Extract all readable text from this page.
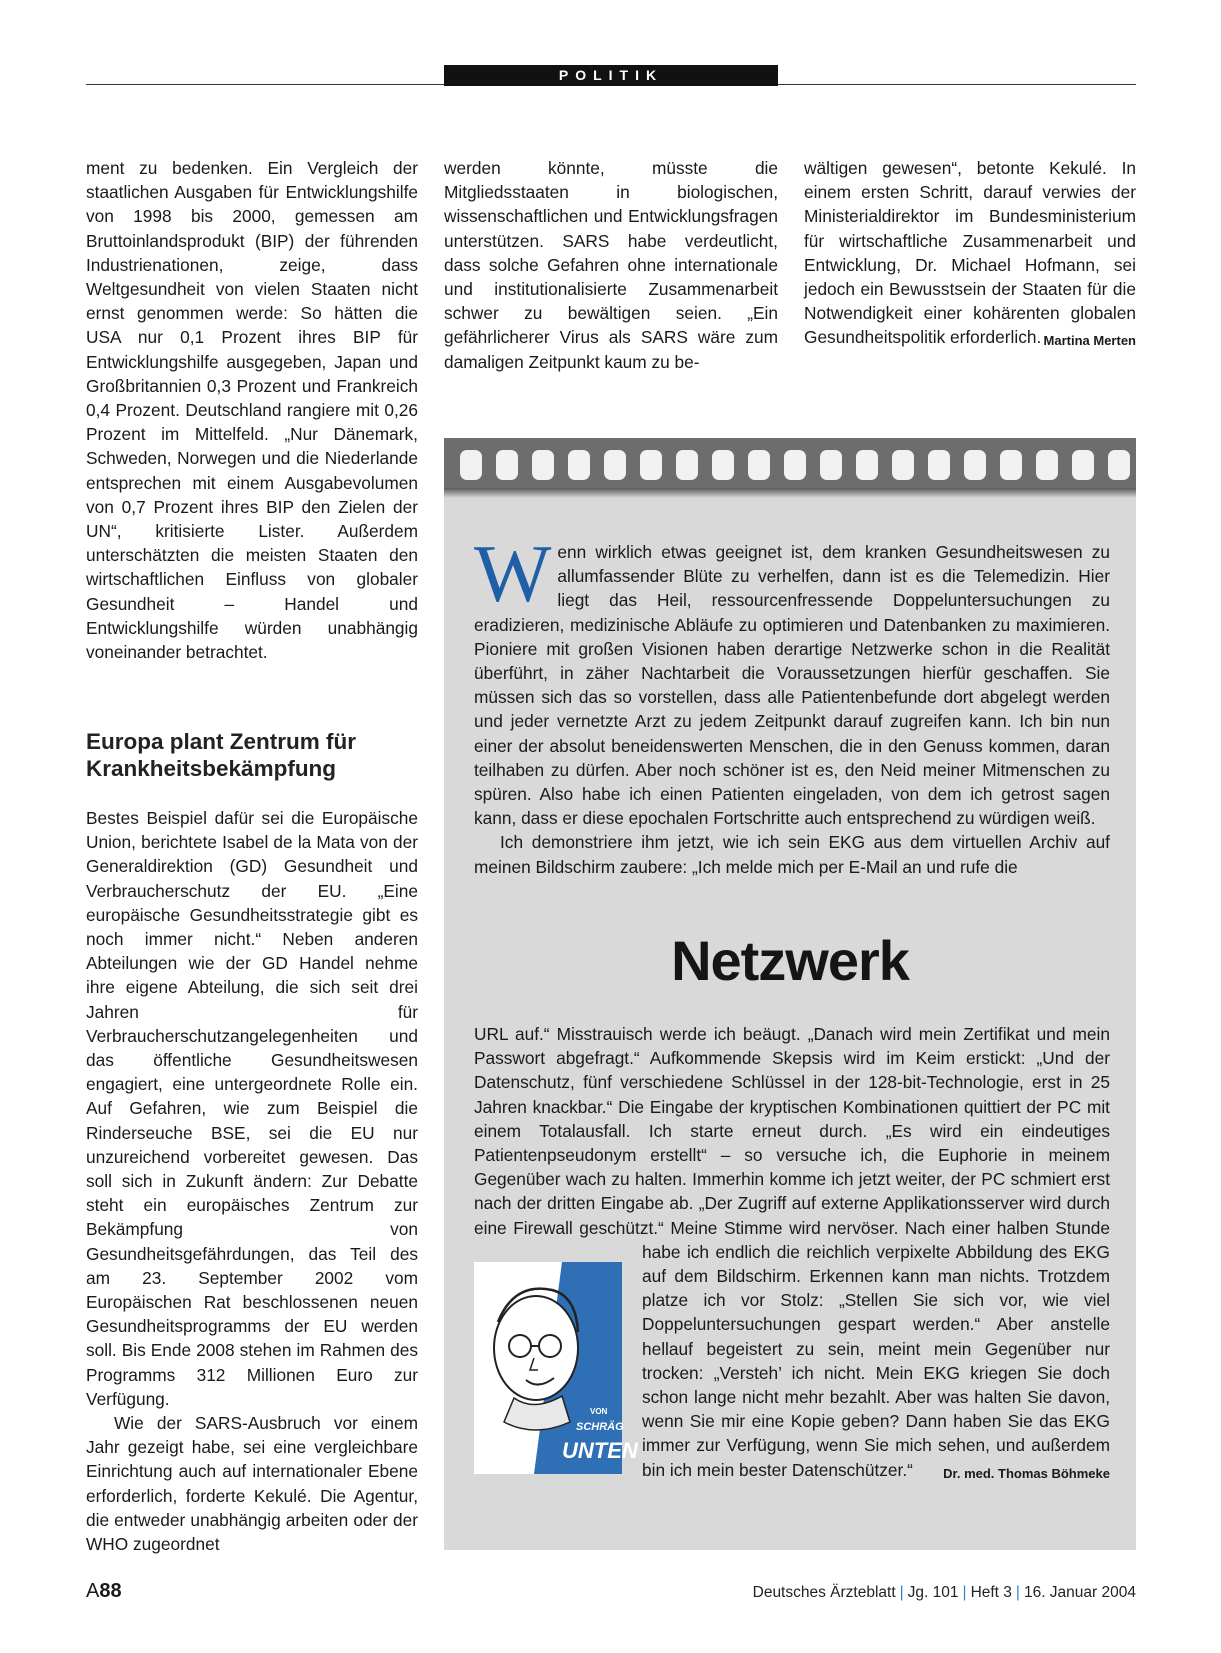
POLITIK

ment zu bedenken. Ein Vergleich der staatlichen Ausgaben für Entwicklungshilfe von 1998 bis 2000, gemessen am Bruttoinlandsprodukt (BIP) der führenden Industrienationen, zeige, dass Weltgesundheit von vielen Staaten nicht ernst genommen werde: So hätten die USA nur 0,1 Prozent ihres BIP für Entwicklungshilfe ausgegeben, Japan und Großbritannien 0,3 Prozent und Frankreich 0,4 Prozent. Deutschland rangiere mit 0,26 Prozent im Mittelfeld. „Nur Dänemark, Schweden, Norwegen und die Niederlande entsprechen mit einem Ausgabevolumen von 0,7 Prozent ihres BIP den Zielen der UN“, kritisierte Lister. Außerdem unterschätzten die meisten Staaten den wirtschaftlichen Einfluss von globaler Gesundheit – Handel und Entwicklungshilfe würden unabhängig voneinander betrachtet.

Europa plant Zentrum für Krankheitsbekämpfung

Bestes Beispiel dafür sei die Europäische Union, berichtete Isabel de la Mata von der Generaldirektion (GD) Gesundheit und Verbraucherschutz der EU. „Eine europäische Gesundheitsstrategie gibt es noch immer nicht.“ Neben anderen Abteilungen wie der GD Handel nehme ihre eigene Abteilung, die sich seit drei Jahren für Verbraucherschutzangelegenheiten und das öffentliche Gesundheitswesen engagiert, eine untergeordnete Rolle ein. Auf Gefahren, wie zum Beispiel die Rinderseuche BSE, sei die EU nur unzureichend vorbereitet gewesen. Das soll sich in Zukunft ändern: Zur Debatte steht ein europäisches Zentrum zur Bekämpfung von Gesundheitsgefährdungen, das Teil des am 23. September 2002 vom Europäischen Rat beschlossenen neuen Gesundheitsprogramms der EU werden soll. Bis Ende 2008 stehen im Rahmen des Programms 312 Millionen Euro zur Verfügung.

Wie der SARS-Ausbruch vor einem Jahr gezeigt habe, sei eine vergleichbare Einrichtung auch auf internationaler Ebene erforderlich, forderte Kekulé. Die Agentur, die entweder unabhängig arbeiten oder der WHO zugeordnet

werden könnte, müsste die Mitgliedsstaaten in biologischen, wissenschaftlichen und Entwicklungsfragen unterstützen. SARS habe verdeutlicht, dass solche Gefahren ohne internationale und institutionalisierte Zusammenarbeit schwer zu bewältigen seien. „Ein gefährlicherer Virus als SARS wäre zum damaligen Zeitpunkt kaum zu be-

wältigen gewesen“, betonte Kekulé. In einem ersten Schritt, darauf verwies der Ministerialdirektor im Bundesministerium für wirtschaftliche Zusammenarbeit und Entwicklung, Dr. Michael Hofmann, sei jedoch ein Bewusstsein der Staaten für die Notwendigkeit einer kohärenten globalen Gesundheitspolitik erforderlich. Martina Merten

Wenn wirklich etwas geeignet ist, dem kranken Gesundheitswesen zu allumfassender Blüte zu verhelfen, dann ist es die Telemedizin. Hier liegt das Heil, ressourcenfressende Doppeluntersuchungen zu eradizieren, medizinische Abläufe zu optimieren und Datenbanken zu maximieren. Pioniere mit großen Visionen haben derartige Netzwerke schon in die Realität überführt, in zäher Nachtarbeit die Voraussetzungen hierfür geschaffen. Sie müssen sich das so vorstellen, dass alle Patientenbefunde dort abgelegt werden und jeder vernetzte Arzt zu jedem Zeitpunkt darauf zugreifen kann. Ich bin nun einer der absolut beneidenswerten Menschen, die in den Genuss kommen, daran teilhaben zu dürfen. Aber noch schöner ist es, den Neid meiner Mitmenschen zu spüren. Also habe ich einen Patienten eingeladen, von dem ich getrost sagen kann, dass er diese epochalen Fortschritte auch entsprechend zu würdigen weiß.

Ich demonstriere ihm jetzt, wie ich sein EKG aus dem virtuellen Archiv auf meinen Bildschirm zaubere: „Ich melde mich per E-Mail an und rufe die

Netzwerk

URL auf.“ Misstrauisch werde ich beäugt. „Danach wird mein Zertifikat und mein Passwort abgefragt.“ Aufkommende Skepsis wird im Keim erstickt: „Und der Datenschutz, fünf verschiedene Schlüssel in der 128-bit-Technologie, erst in 25 Jahren knackbar.“ Die Eingabe der kryptischen Kombinationen quittiert der PC mit einem Totalausfall. Ich starte erneut durch. „Es wird ein eindeutiges Patientenpseudonym erstellt“ – so versuche ich, die Euphorie in meinem Gegenüber wach zu halten. Immerhin komme ich jetzt weiter, der PC schmiert erst nach der dritten Eingabe ab. „Der Zugriff auf externe Applikationsserver wird durch eine Firewall geschützt.“ Meine Stimme wird nervöser. Nach einer halben Stunde habe ich endlich die reichlich verpixelte Abbildung des EKG auf dem Bildschirm. Erkennen kann man nichts. Trotzdem platze ich vor Stolz: „Stellen Sie sich vor, wie viel Doppeluntersuchungen gespart werden.“ Aber anstelle hellauf begeistert zu sein, meint mein Gegenüber nur trocken: „Versteh’ ich nicht. Mein EKG kriegen Sie doch schon lange nicht mehr bezahlt. Aber was halten Sie davon, wenn Sie mir eine Kopie geben? Dann haben Sie das EKG immer zur Verfügung, wenn Sie mich sehen, und außerdem bin ich mein bester Datenschützer.“ Dr. med. Thomas Böhmeke

VON
SCHRÄG
UNTEN
A88	Deutsches Ärzteblatt | Jg. 101 | Heft 3 | 16. Januar 2004
